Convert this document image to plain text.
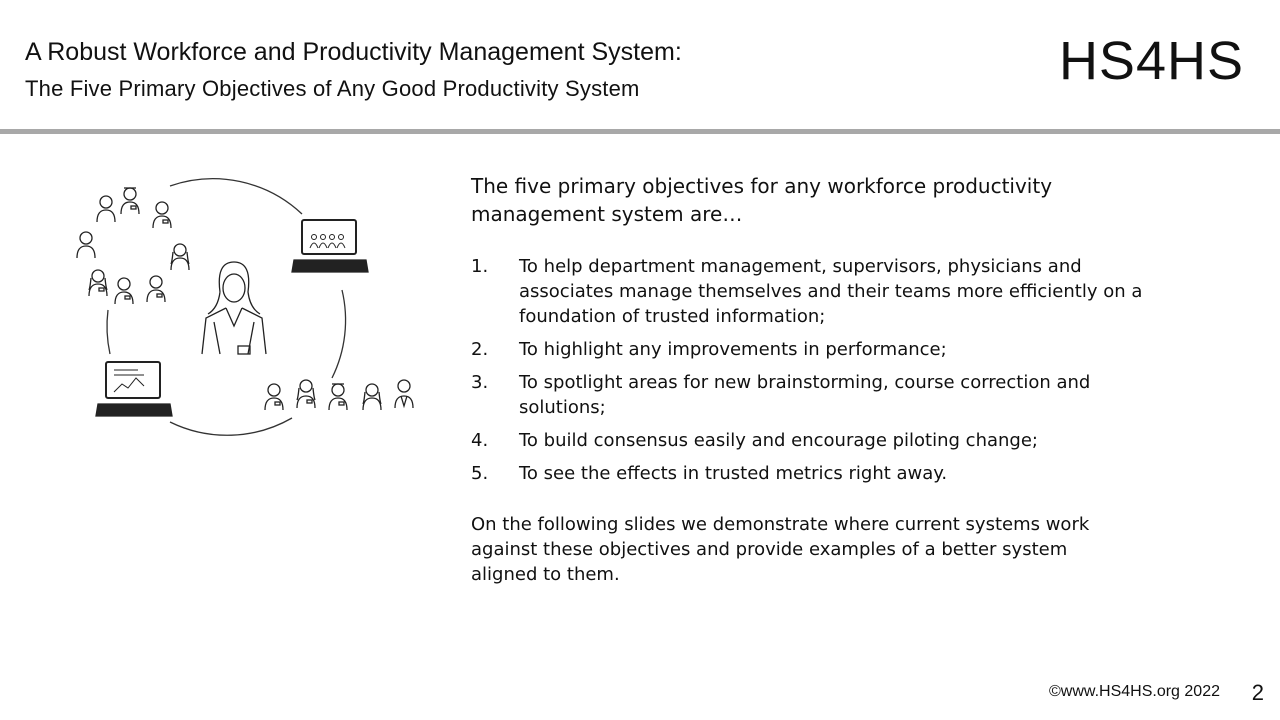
A Robust Workforce and Productivity Management System:
The Five Primary Objectives of Any Good Productivity System	HS4HS

The five primary objectives for any workforce productivity management system are…

1.	To help department management, supervisors, physicians and associates manage themselves and their teams more efficiently on a foundation of trusted information;
2.	To highlight any improvements in performance;
3.	To spotlight areas for new brainstorming, course correction and solutions;
4.	To build consensus easily and encourage piloting change;
5.	To see the effects in trusted metrics right away.

On the following slides we demonstrate where current systems work against these objectives and provide examples of a better system aligned to them.

©www.HS4HS.org 2022 2
